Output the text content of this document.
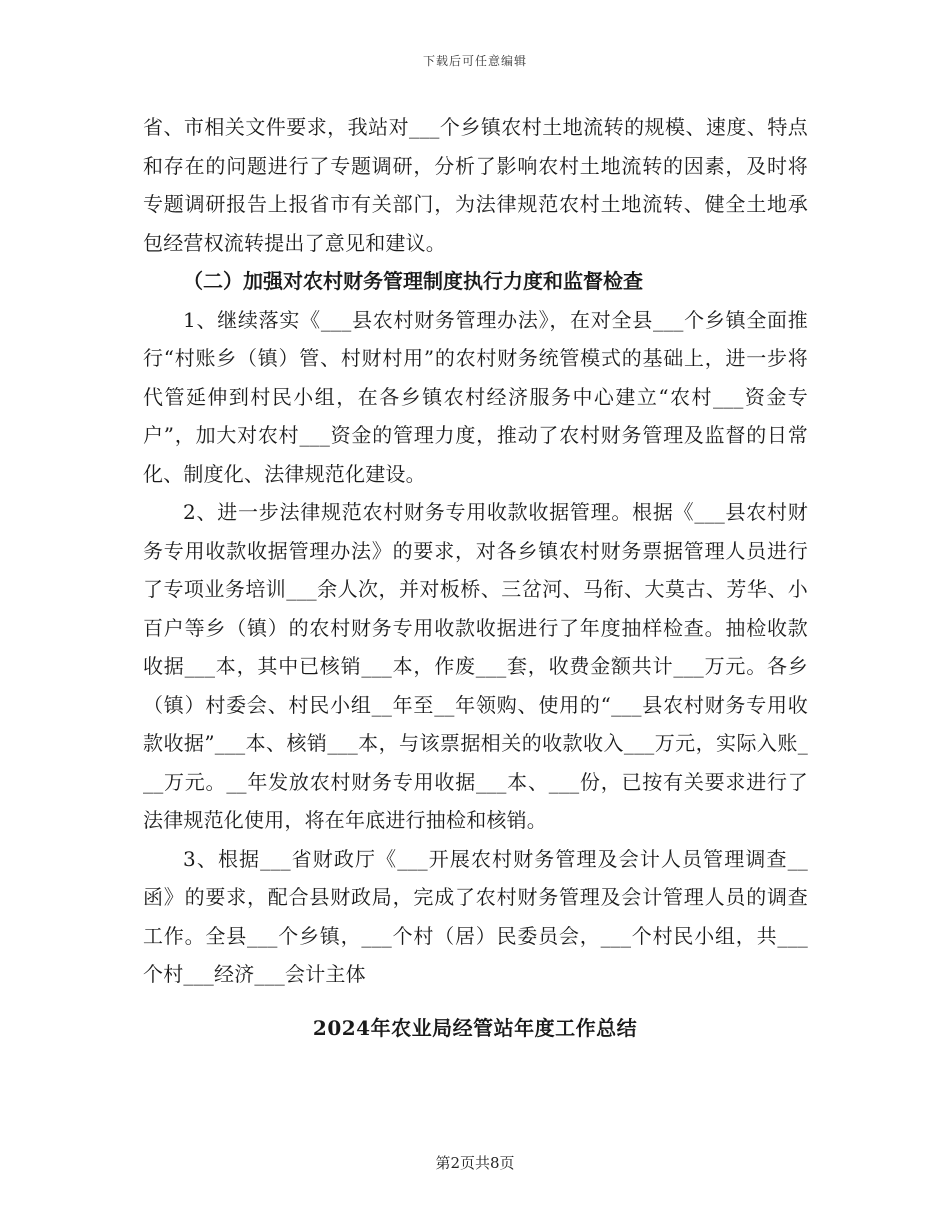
下载后可任意编辑

省、市相关文件要求，我站对___个乡镇农村土地流转的规模、速度、特点和存在的问题进行了专题调研，分析了影响农村土地流转的因素，及时将专题调研报告上报省市有关部门，为法律规范农村土地流转、健全土地承包经营权流转提出了意见和建议。

（二）加强对农村财务管理制度执行力度和监督检查

1、继续落实《___县农村财务管理办法》，在对全县___个乡镇全面推行“村账乡（镇）管、村财村用”的农村财务统管模式的基础上，进一步将代管延伸到村民小组，在各乡镇农村经济服务中心建立“农村___资金专户”，加大对农村___资金的管理力度，推动了农村财务管理及监督的日常化、制度化、法律规范化建设。

2、进一步法律规范农村财务专用收款收据管理。根据《___县农村财务专用收款收据管理办法》的要求，对各乡镇农村财务票据管理人员进行了专项业务培训___余人次，并对板桥、三岔河、马衔、大莫古、芳华、小百户等乡（镇）的农村财务专用收款收据进行了年度抽样检查。抽检收款收据___本，其中已核销___本，作废___套，收费金额共计___万元。各乡（镇）村委会、村民小组__年至__年领购、使用的“___县农村财务专用收款收据”___本、核销___本，与该票据相关的收款收入___万元，实际入账___万元。__年发放农村财务专用收据___本、___份，已按有关要求进行了法律规范化使用，将在年底进行抽检和核销。

3、根据___省财政厅《___开展农村财务管理及会计人员管理调查__函》的要求，配合县财政局，完成了农村财务管理及会计管理人员的调查工作。全县___个乡镇，___个村（居）民委员会，___个村民小组，共___个村___经济___会计主体

2024年农业局经管站年度工作总结
第2页共8页
